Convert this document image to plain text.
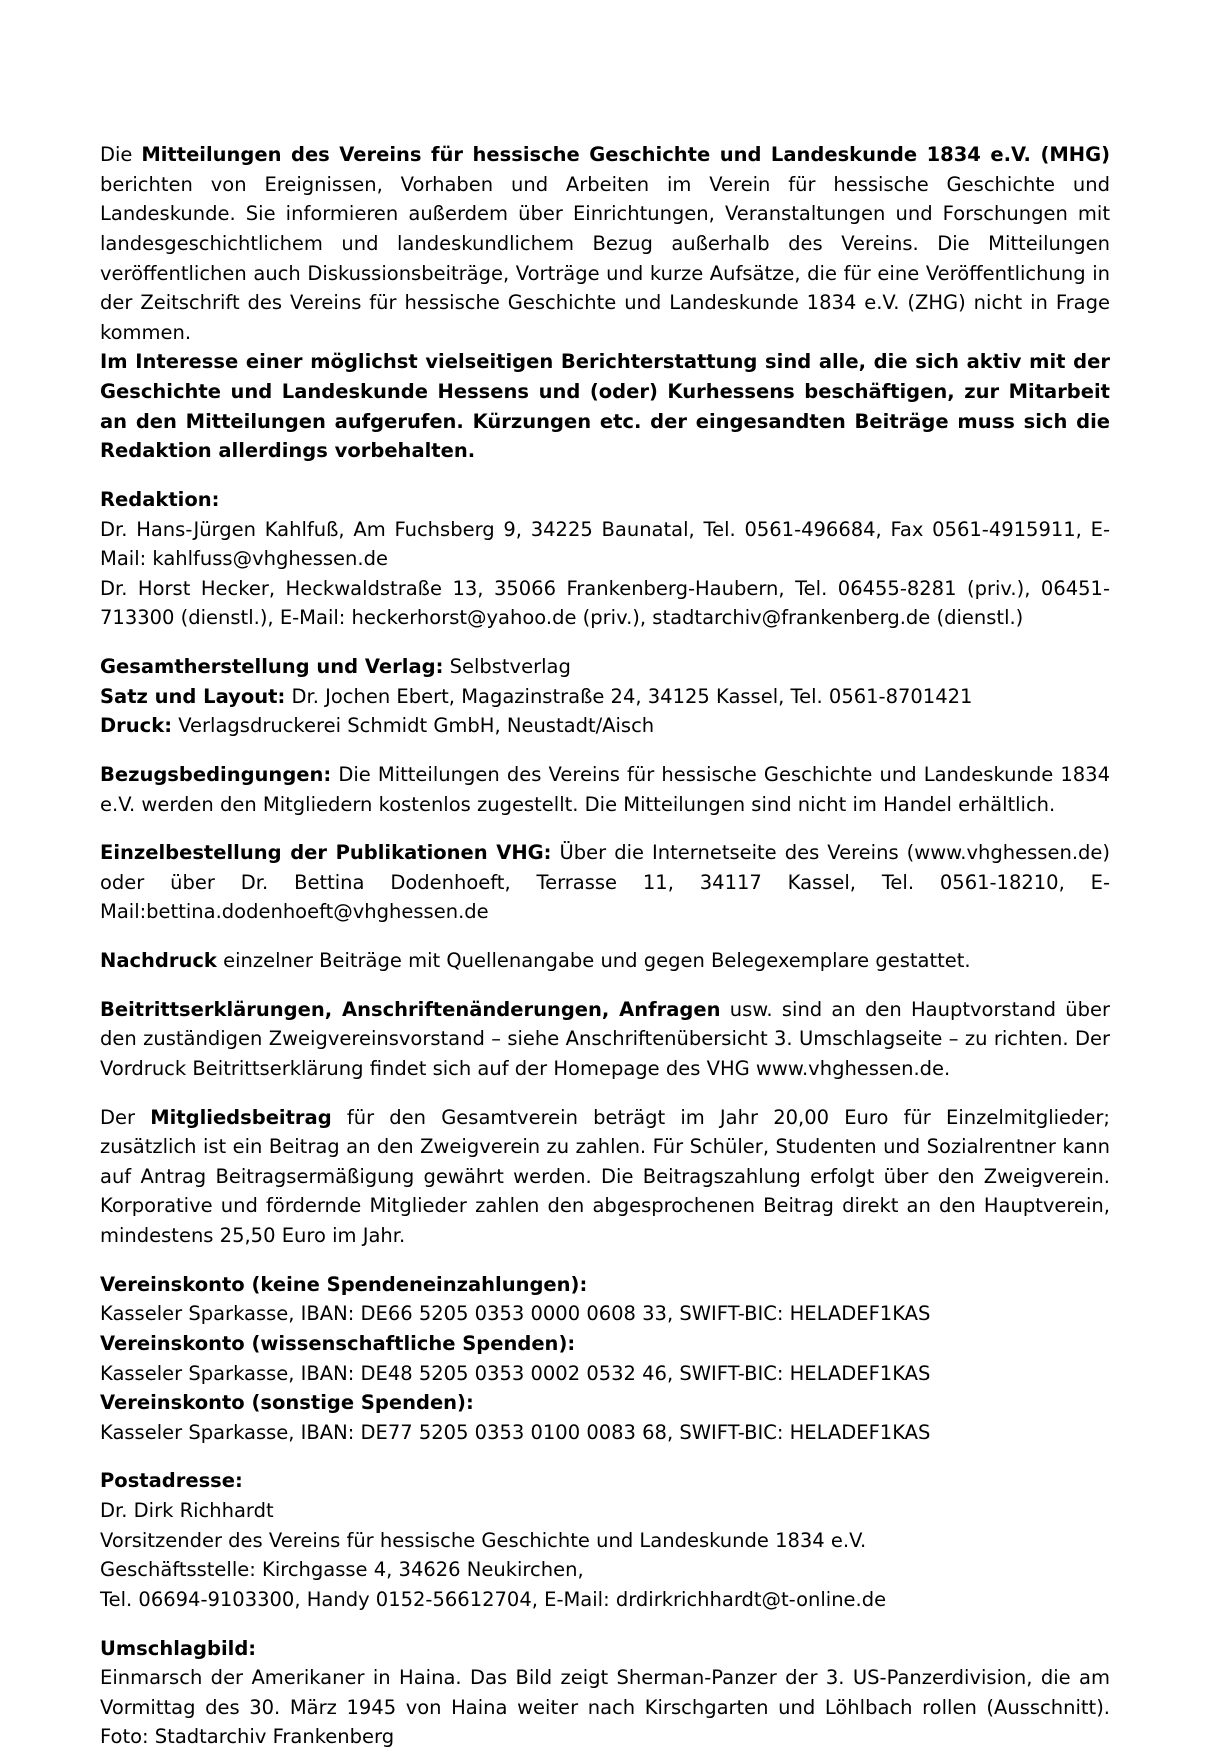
Die Mitteilungen des Vereins für hessische Geschichte und Landeskunde 1834 e.V. (MHG) berichten von Ereignissen, Vorhaben und Arbeiten im Verein für hessische Geschichte und Landeskunde. Sie informieren außerdem über Einrichtungen, Veranstaltungen und Forschungen mit landesgeschichtlichem und landeskundlichem Bezug außerhalb des Vereins. Die Mitteilungen veröffentlichen auch Diskussionsbeiträge, Vorträge und kurze Aufsätze, die für eine Veröffentlichung in der Zeitschrift des Vereins für hessische Geschichte und Landeskunde 1834 e.V. (ZHG) nicht in Frage kommen.

Im Interesse einer möglichst vielseitigen Berichterstattung sind alle, die sich aktiv mit der Geschichte und Landeskunde Hessens und (oder) Kurhessens beschäftigen, zur Mitarbeit an den Mitteilungen aufgerufen. Kürzungen etc. der eingesandten Beiträge muss sich die Redaktion allerdings vorbehalten.

Redaktion:

Dr. Hans-Jürgen Kahlfuß, Am Fuchsberg 9, 34225 Baunatal, Tel. 0561-496684, Fax 0561-4915911, E-Mail: kahlfuss@vhghessen.de

Dr. Horst Hecker, Heckwaldstraße 13, 35066 Frankenberg-Haubern, Tel. 06455-8281 (priv.), 06451-713300 (dienstl.), E-Mail: heckerhorst@yahoo.de (priv.), stadtarchiv@frankenberg.de (dienstl.)

Gesamtherstellung und Verlag: Selbstverlag

Satz und Layout: Dr. Jochen Ebert, Magazinstraße 24, 34125 Kassel, Tel. 0561-8701421

Druck: Verlagsdruckerei Schmidt GmbH, Neustadt/Aisch

Bezugsbedingungen: Die Mitteilungen des Vereins für hessische Geschichte und Landeskunde 1834 e.V. werden den Mitgliedern kostenlos zugestellt. Die Mitteilungen sind nicht im Handel erhältlich.

Einzelbestellung der Publikationen VHG: Über die Internetseite des Vereins (www.vhghessen.de) oder über Dr. Bettina Dodenhoeft, Terrasse 11, 34117 Kassel, Tel. 0561-18210, E-Mail:bettina.dodenhoeft@vhghessen.de

Nachdruck einzelner Beiträge mit Quellenangabe und gegen Belegexemplare gestattet.

Beitrittserklärungen, Anschriftenänderungen, Anfragen usw. sind an den Hauptvorstand über den zuständigen Zweigvereinsvorstand – siehe Anschriftenübersicht 3. Umschlagseite – zu richten. Der Vordruck Beitrittserklärung findet sich auf der Homepage des VHG www.vhghessen.de.

Der Mitgliedsbeitrag für den Gesamtverein beträgt im Jahr 20,00 Euro für Einzelmitglieder; zusätzlich ist ein Beitrag an den Zweigverein zu zahlen. Für Schüler, Studenten und Sozialrentner kann auf Antrag Beitragsermäßigung gewährt werden. Die Beitragszahlung erfolgt über den Zweigverein. Korporative und fördernde Mitglieder zahlen den abgesprochenen Beitrag direkt an den Hauptverein, mindestens 25,50 Euro im Jahr.

Vereinskonto (keine Spendeneinzahlungen):

Kasseler Sparkasse, IBAN: DE66 5205 0353 0000 0608 33, SWIFT-BIC: HELADEF1KAS

Vereinskonto (wissenschaftliche Spenden):

Kasseler Sparkasse, IBAN: DE48 5205 0353 0002 0532 46, SWIFT-BIC: HELADEF1KAS

Vereinskonto (sonstige Spenden):

Kasseler Sparkasse, IBAN: DE77 5205 0353 0100 0083 68, SWIFT-BIC: HELADEF1KAS

Postadresse:

Dr. Dirk Richhardt

Vorsitzender des Vereins für hessische Geschichte und Landeskunde 1834 e.V.

Geschäftsstelle: Kirchgasse 4, 34626 Neukirchen,

Tel. 06694-9103300, Handy 0152-56612704, E-Mail: drdirkrichhardt@t-online.de

Umschlagbild:

Einmarsch der Amerikaner in Haina. Das Bild zeigt Sherman-Panzer der 3. US-Panzerdivision, die am Vormittag des 30. März 1945 von Haina weiter nach Kirschgarten und Löhlbach rollen (Ausschnitt). Foto: Stadtarchiv Frankenberg
